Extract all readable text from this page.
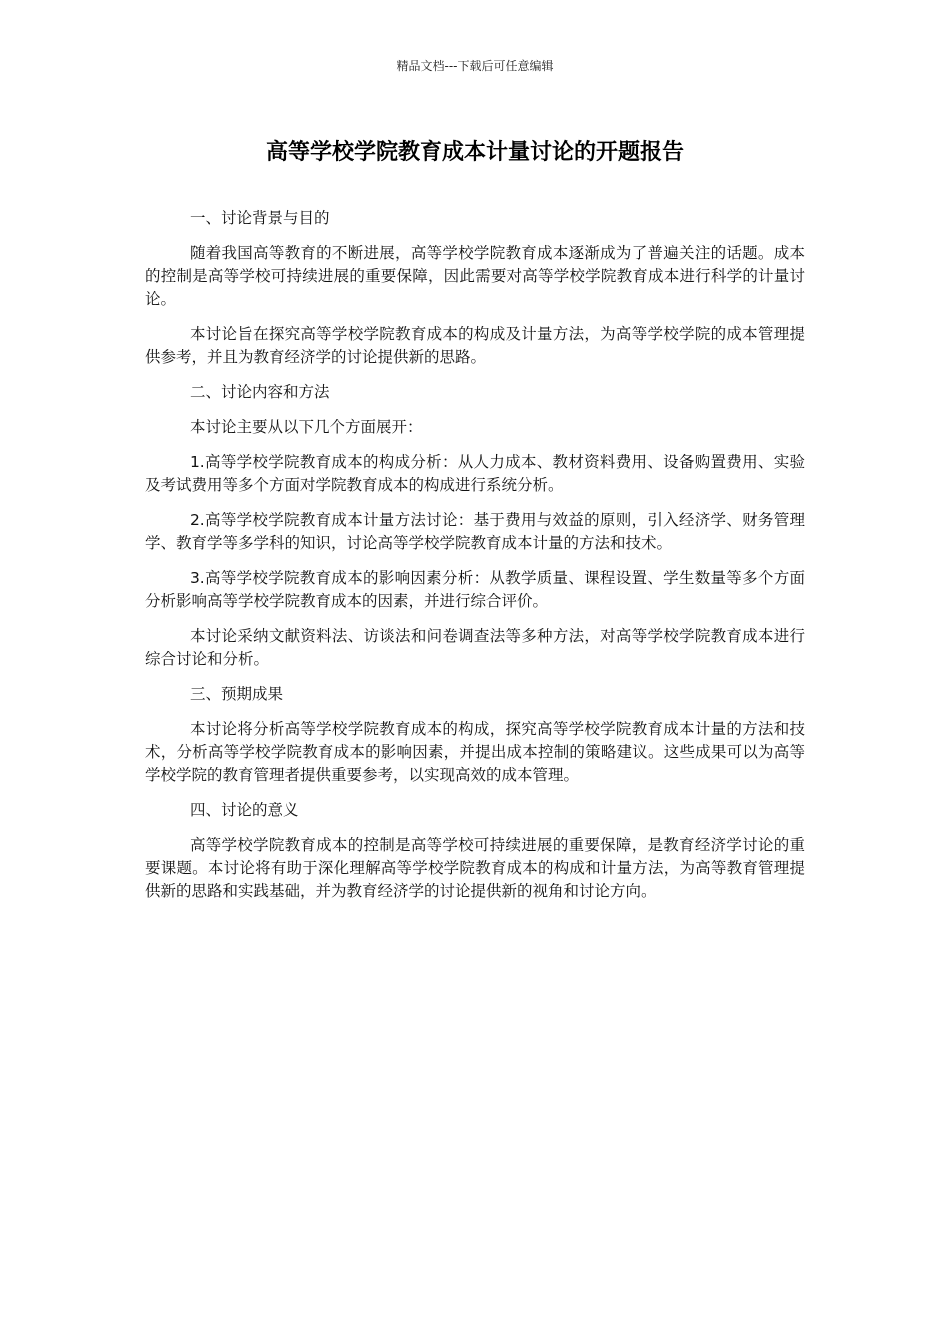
精品文档---下载后可任意编辑
高等学校学院教育成本计量讨论的开题报告

一、讨论背景与目的

随着我国高等教育的不断进展，高等学校学院教育成本逐渐成为了普遍关注的话题。成本的控制是高等学校可持续进展的重要保障，因此需要对高等学校学院教育成本进行科学的计量讨论。

本讨论旨在探究高等学校学院教育成本的构成及计量方法，为高等学校学院的成本管理提供参考，并且为教育经济学的讨论提供新的思路。

二、讨论内容和方法

本讨论主要从以下几个方面展开：

1.高等学校学院教育成本的构成分析：从人力成本、教材资料费用、设备购置费用、实验及考试费用等多个方面对学院教育成本的构成进行系统分析。

2.高等学校学院教育成本计量方法讨论：基于费用与效益的原则，引入经济学、财务管理学、教育学等多学科的知识，讨论高等学校学院教育成本计量的方法和技术。

3.高等学校学院教育成本的影响因素分析：从教学质量、课程设置、学生数量等多个方面分析影响高等学校学院教育成本的因素，并进行综合评价。

本讨论采纳文献资料法、访谈法和问卷调查法等多种方法，对高等学校学院教育成本进行综合讨论和分析。

三、预期成果

本讨论将分析高等学校学院教育成本的构成，探究高等学校学院教育成本计量的方法和技术，分析高等学校学院教育成本的影响因素，并提出成本控制的策略建议。这些成果可以为高等学校学院的教育管理者提供重要参考，以实现高效的成本管理。

四、讨论的意义

高等学校学院教育成本的控制是高等学校可持续进展的重要保障，是教育经济学讨论的重要课题。本讨论将有助于深化理解高等学校学院教育成本的构成和计量方法，为高等教育管理提供新的思路和实践基础，并为教育经济学的讨论提供新的视角和讨论方向。
